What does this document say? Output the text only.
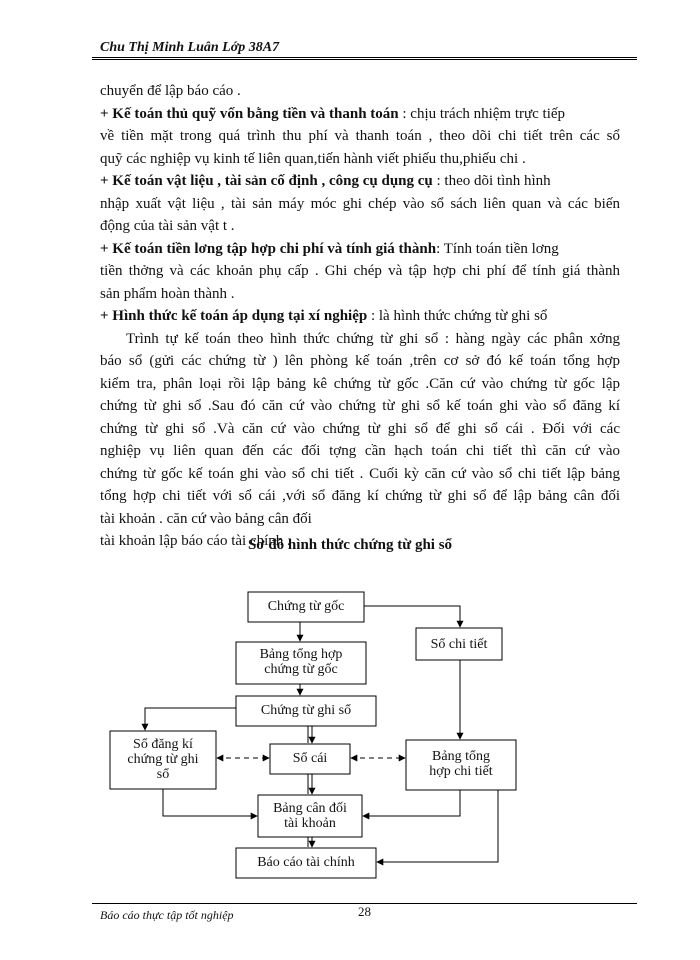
Chu Thị Minh Luân Lớp 38A7
chuyển để lập báo cáo .
+ Kế toán thủ quỹ vốn bằng tiền và thanh toán : chịu trách nhiệm trực tiếp
về tiền mặt trong quá trình thu phí và thanh toán , theo dõi chi tiết trên các sổ
quỹ các nghiệp vụ kinh tế liên quan,tiến hành viết phiếu thu,phiếu chi .
+ Kế toán vật liệu , tài sản cố định , công cụ dụng cụ : theo dõi tình hình
nhập xuất vật liệu , tài sản máy móc ghi chép vào sổ sách liên quan và các biến
động của tài sản vật t .
+ Kế toán tiền lơng tập hợp chi phí và tính giá thành: Tính toán tiền lơng
tiền thởng và các khoản phụ cấp . Ghi chép và tập hợp chi phí để tính giá thành
sản phẩm hoàn thành .
+ Hình thức kế toán áp dụng tại xí nghiệp : là hình thức chứng từ ghi sổ
Trình tự kế toán theo hình thức chứng từ ghi sổ : hàng ngày các phân xởng
báo sổ (gửi các chứng từ ) lên phòng kế toán ,trên cơ sở đó kế toán tổng hợp
kiểm tra, phân loại rồi lập bảng kê chứng từ gốc .Căn cứ vào chứng từ gốc lập
chứng từ ghi sổ .Sau đó căn cứ vào chứng từ ghi sổ kế toán ghi vào sổ đăng kí
chứng từ ghi sổ .Và căn cứ vào chứng từ ghi sổ để ghi sổ cái . Đối với các
nghiệp vụ liên quan đến các đối tợng cần hạch toán chi tiết thì căn cứ vào
chứng từ gốc kế toán ghi vào sổ chi tiết . Cuối kỳ căn cứ vào sổ chi tiết lập bảng
tổng hợp chi tiết với sổ cái ,với sổ đăng kí chứng từ ghi sổ để lập bảng cân đối
tài khoản . căn cứ vào bảng cân đối
tài khoản lập báo cáo tài chính .
Sơ đồ hình thức chứng từ ghi sổ
Chứng từ gốc
Sổ chi tiết
Bảng tổng hợp
chứng từ gốc
Chứng từ ghi sổ
Sổ đăng kí
chứng từ ghi
sổ
Sổ cái	Bảng tổng
hợp chi tiết
Bảng cân đối
tài khoản
Báo cáo tài chính
Báo cáo thực tập tốt nghiệp	28
